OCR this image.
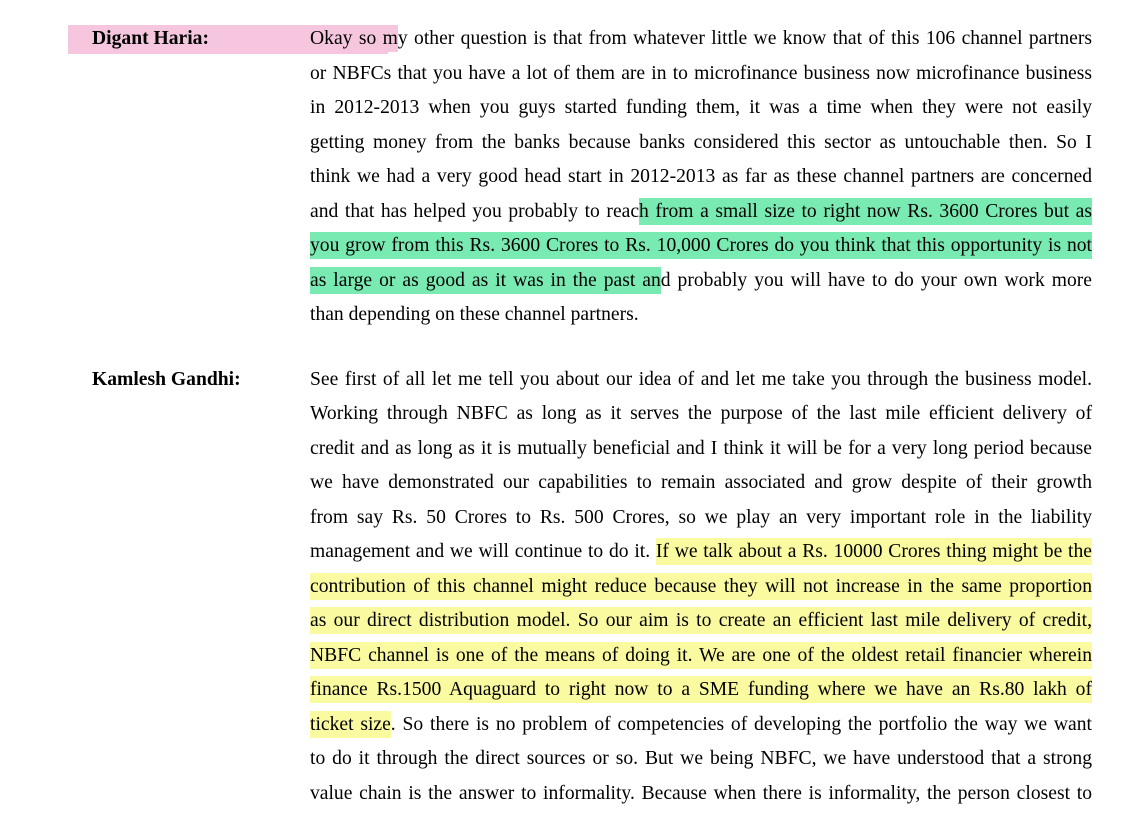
Digant Haria:	Okay so my other question is that from whatever little we know that of this 106 channel partners
or NBFCs that you have a lot of them are in to microfinance business now microfinance business
in 2012-2013 when you guys started funding them, it was a time when they were not easily
getting money from the banks because banks considered this sector as untouchable then. So I
think we had a very good head start in 2012-2013 as far as these channel partners are concerned
and that has helped you probably to reach from a small size to right now Rs. 3600 Crores but as
you grow from this Rs. 3600 Crores to Rs. 10,000 Crores do you think that this opportunity is not
as large or as good as it was in the past and probably you will have to do your own work more
than depending on these channel partners.
Kamlesh Gandhi:	See first of all let me tell you about our idea of and let me take you through the business model.
Working through NBFC as long as it serves the purpose of the last mile efficient delivery of
credit and as long as it is mutually beneficial and I think it will be for a very long period because
we have demonstrated our capabilities to remain associated and grow despite of their growth
from say Rs. 50 Crores to Rs. 500 Crores, so we play an very important role in the liability
management and we will continue to do it. If we talk about a Rs. 10000 Crores thing might be the
contribution of this channel might reduce because they will not increase in the same proportion
as our direct distribution model. So our aim is to create an efficient last mile delivery of credit,
NBFC channel is one of the means of doing it. We are one of the oldest retail financier wherein
finance Rs.1500 Aquaguard to right now to a SME funding where we have an Rs.80 lakh of
ticket size. So there is no problem of competencies of developing the portfolio the way we want
to do it through the direct sources or so. But we being NBFC, we have understood that a strong
value chain is the answer to informality. Because when there is informality, the person closest to
